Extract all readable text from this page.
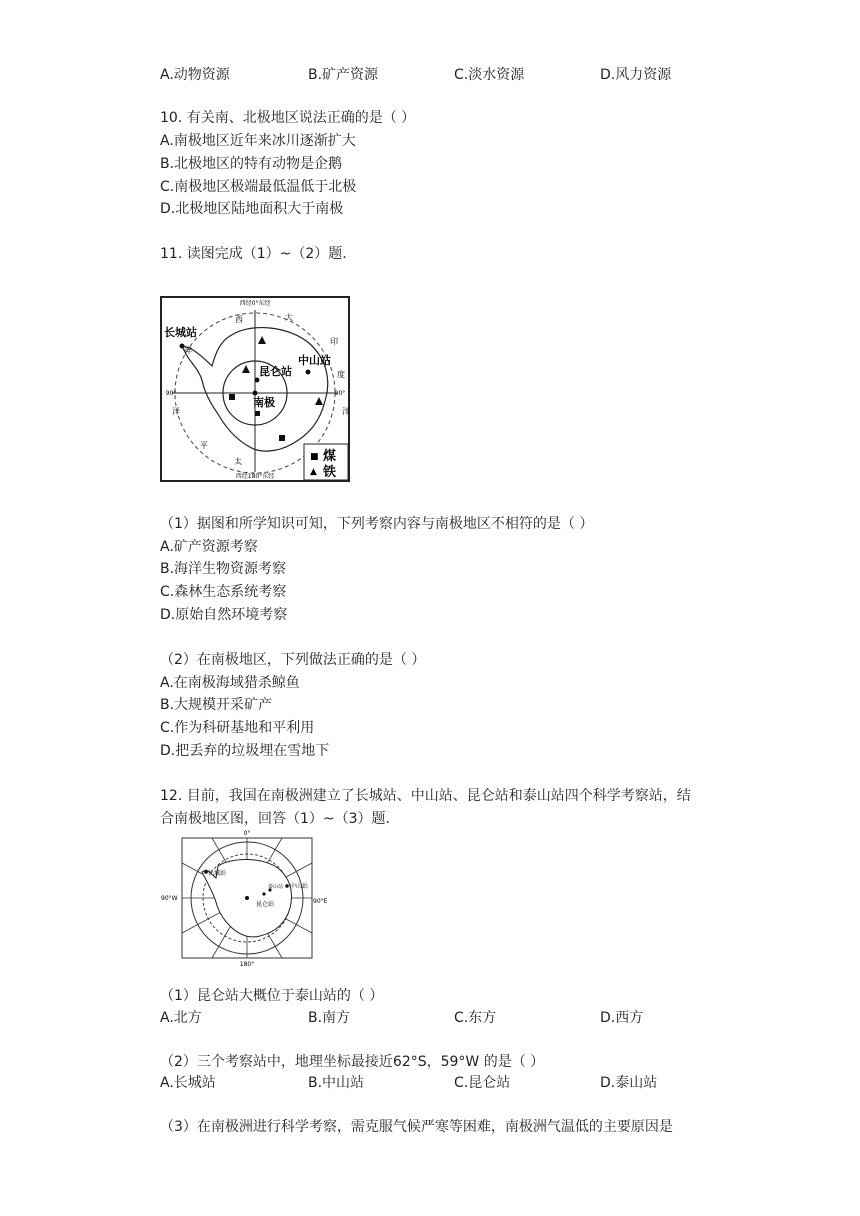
A.动物资源	B.矿产资源	C.淡水资源	D.风力资源
10. 有关南、北极地区说法正确的是（ ）
A.南极地区近年来冰川逐渐扩大
B.北极地区的特有动物是企鹅
C.南极地区极端最低温低于北极
D.北极地区陆地面积大于南极
11. 读图完成（1）~（2）题.
西经0°东经
西经180°东经
90°	90°
西	大
洋
印
度
洋
洋
平
太
长城站
中山站
昆仑站
南极
■ 煤
▲ 铁
（1）据图和所学知识可知，下列考察内容与南极地区不相符的是（ ）
A.矿产资源考察
B.海洋生物资源考察
C.森林生态系统考察
D.原始自然环境考察
（2）在南极地区，下列做法正确的是（ ）
A.在南极海域猎杀鲸鱼
B.大规模开采矿产
C.作为科研基地和平利用
D.把丢弃的垃圾埋在雪地下
12. 目前，我国在南极洲建立了长城站、中山站、昆仑站和泰山站四个科学考察站，结
合南极地区图，回答（1）~（3）题.
0°
180°
90°W	90°E
长城站
中山站
昆仑站
泰山站
（1）昆仑站大概位于泰山站的（ ）
A.北方	B.南方	C.东方	D.西方
（2）三个考察站中，地理坐标最接近62°S，59°W 的是（ ）
A.长城站	B.中山站	C.昆仑站	D.泰山站
（3）在南极洲进行科学考察，需克服气候严寒等困难，南极洲气温低的主要原因是
